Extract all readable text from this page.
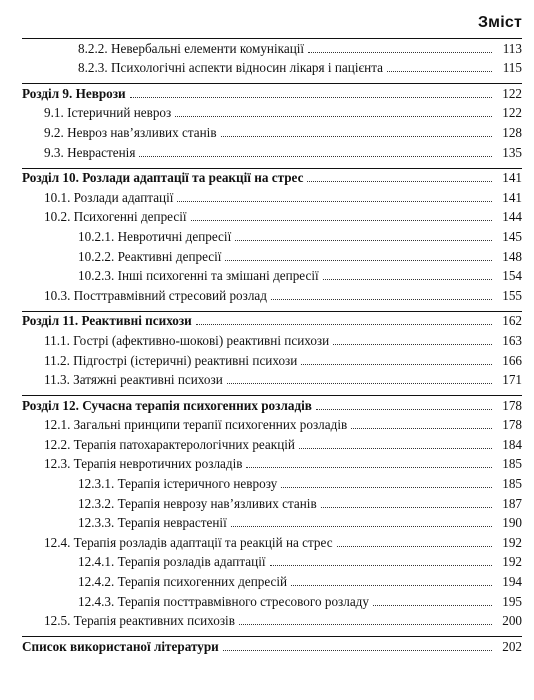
Зміст
8.2.2. Невербальні елементи комунікації	113
8.2.3. Психологічні аспекти відносин лікаря і пацієнта	115
Розділ 9. Неврози	122
9.1. Істеричний невроз	122
9.2. Невроз нав’язливих станів	128
9.3. Неврастенія	135
Розділ 10. Розлади адаптації та реакції на стрес	141
10.1. Розлади адаптації	141
10.2. Психогенні депресії	144
10.2.1. Невротичні депресії	145
10.2.2. Реактивні депресії	148
10.2.3. Інші психогенні та змішані депресії	154
10.3. Посттравмівний стресовий розлад	155
Розділ 11. Реактивні психози	162
11.1. Гострі (афективно-шокові) реактивні психози	163
11.2. Підгострі (істеричні) реактивні психози	166
11.3. Затяжні реактивні психози	171
Розділ 12. Сучасна терапія психогенних розладів	178
12.1. Загальні принципи терапії психогенних розладів	178
12.2. Терапія патохарактерологічних реакцій	184
12.3. Терапія невротичних розладів	185
12.3.1. Терапія істеричного неврозу	185
12.3.2. Терапія неврозу нав’язливих станів	187
12.3.3. Терапія неврастенії	190
12.4. Терапія розладів адаптації та реакцій на стрес	192
12.4.1. Терапія розладів адаптації	192
12.4.2. Терапія психогенних депресій	194
12.4.3. Терапія посттравмівного стресового розладу	195
12.5. Терапія реактивних психозів	200
Список використаної літератури	202
